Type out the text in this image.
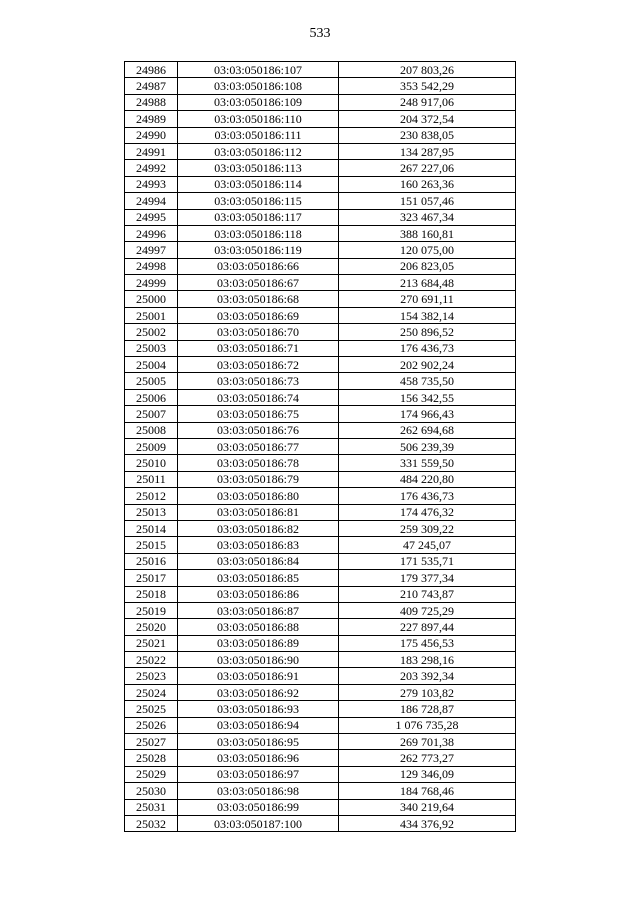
533
24986	03:03:050186:107	207 803,26
24987	03:03:050186:108	353 542,29
24988	03:03:050186:109	248 917,06
24989	03:03:050186:110	204 372,54
24990	03:03:050186:111	230 838,05
24991	03:03:050186:112	134 287,95
24992	03:03:050186:113	267 227,06
24993	03:03:050186:114	160 263,36
24994	03:03:050186:115	151 057,46
24995	03:03:050186:117	323 467,34
24996	03:03:050186:118	388 160,81
24997	03:03:050186:119	120 075,00
24998	03:03:050186:66	206 823,05
24999	03:03:050186:67	213 684,48
25000	03:03:050186:68	270 691,11
25001	03:03:050186:69	154 382,14
25002	03:03:050186:70	250 896,52
25003	03:03:050186:71	176 436,73
25004	03:03:050186:72	202 902,24
25005	03:03:050186:73	458 735,50
25006	03:03:050186:74	156 342,55
25007	03:03:050186:75	174 966,43
25008	03:03:050186:76	262 694,68
25009	03:03:050186:77	506 239,39
25010	03:03:050186:78	331 559,50
25011	03:03:050186:79	484 220,80
25012	03:03:050186:80	176 436,73
25013	03:03:050186:81	174 476,32
25014	03:03:050186:82	259 309,22
25015	03:03:050186:83	47 245,07
25016	03:03:050186:84	171 535,71
25017	03:03:050186:85	179 377,34
25018	03:03:050186:86	210 743,87
25019	03:03:050186:87	409 725,29
25020	03:03:050186:88	227 897,44
25021	03:03:050186:89	175 456,53
25022	03:03:050186:90	183 298,16
25023	03:03:050186:91	203 392,34
25024	03:03:050186:92	279 103,82
25025	03:03:050186:93	186 728,87
25026	03:03:050186:94	1 076 735,28
25027	03:03:050186:95	269 701,38
25028	03:03:050186:96	262 773,27
25029	03:03:050186:97	129 346,09
25030	03:03:050186:98	184 768,46
25031	03:03:050186:99	340 219,64
25032	03:03:050187:100	434 376,92
